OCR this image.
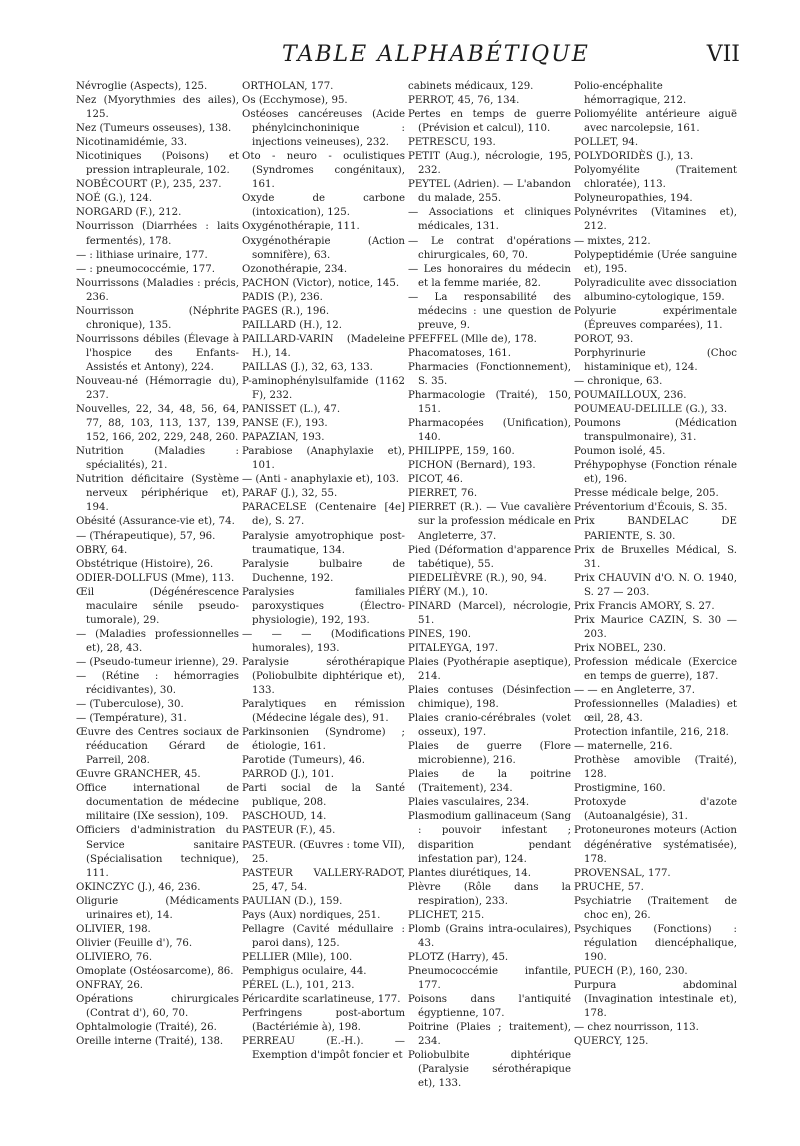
TABLE ALPHABÉTIQUE	VII
Névroglie (Aspects), 125.
Nez (Myorythmies des ailes), 125.
Nez (Tumeurs osseuses), 138.
Nicotinamidémie, 33.
Nicotiniques (Poisons) et pression intrapleurale, 102.
NOBÉCOURT (P.), 235, 237.
NOÉ (G.), 124.
NORGARD (F.), 212.
Nourrisson (Diarrhées : laits fermentés), 178.
— : lithiase urinaire, 177.
— : pneumococcémie, 177.
Nourrissons (Maladies : précis, 236.
Nourrisson (Néphrite chronique), 135.
Nourrissons débiles (Élevage à l'hospice des Enfants-Assistés et Antony), 224.
Nouveau-né (Hémorragie du), 237.
Nouvelles, 22, 34, 48, 56, 64, 77, 88, 103, 113, 137, 139, 152, 166, 202, 229, 248, 260.
Nutrition (Maladies : spécialités), 21.
Nutrition déficitaire (Système nerveux périphérique et), 194.
Obésité (Assurance-vie et), 74.
— (Thérapeutique), 57, 96.
OBRY, 64.
Obstétrique (Histoire), 26.
ODIER-DOLLFUS (Mme), 113.
Œil (Dégénérescence maculaire sénile pseudo-tumorale), 29.
— (Maladies professionnelles et), 28, 43.
— (Pseudo-tumeur irienne), 29.
— (Rétine : hémorragies récidivantes), 30.
— (Tuberculose), 30.
— (Température), 31.
Œuvre des Centres sociaux de rééducation Gérard de Parreil, 208.
Œuvre GRANCHER, 45.
Office international de documentation de médecine militaire (IXe session), 109.
Officiers d'administration du Service sanitaire (Spécialisation technique), 111.
OKINCZYC (J.), 46, 236.
Oligurie (Médicaments urinaires et), 14.
OLIVIER, 198.
Olivier (Feuille d'), 76.
OLIVIERO, 76.
Omoplate (Ostéosarcome), 86.
ONFRAY, 26.
Opérations chirurgicales (Contrat d'), 60, 70.
Ophtalmologie (Traité), 26.
Oreille interne (Traité), 138.
ORTHOLAN, 177.
Os (Ecchymose), 95.
Ostéoses cancéreuses (Acide phénylcinchoninique : injections veineuses), 232.
Oto - neuro - oculistiques (Syndromes congénitaux), 161.
Oxyde de carbone (intoxication), 125.
Oxygénothérapie, 111.
Oxygénothérapie (Action somnifère), 63.
Ozonothérapie, 234.
PACHON (Victor), notice, 145.
PADIS (P.), 236.
PAGES (R.), 196.
PAILLARD (H.), 12.
PAILLARD-VARIN (Madeleine H.), 14.
PAILLAS (J.), 32, 63, 133.
P-aminophénylsulfamide (1162 F), 232.
PANISSET (L.), 47.
PANSE (F.), 193.
PAPAZIAN, 193.
Parabiose (Anaphylaxie et), 101.
— (Anti - anaphylaxie et), 103.
PARAF (J.), 32, 55.
PARACELSE (Centenaire [4e] de), S. 27.
Paralysie amyotrophique post-traumatique, 134.
Paralysie bulbaire de Duchenne, 192.
Paralysies familiales paroxystiques (Électro-physiologie), 192, 193.
— — — (Modifications humorales), 193.
Paralysie sérothérapique (Poliobulbite diphtérique et), 133.
Paralytiques en rémission (Médecine légale des), 91.
Parkinsonien (Syndrome) ; étiologie, 161.
Parotide (Tumeurs), 46.
PARROD (J.), 101.
Parti social de la Santé publique, 208.
PASCHOUD, 14.
PASTEUR (F.), 45.
PASTEUR. (Œuvres : tome VII), 25.
PASTEUR VALLERY-RADOT, 25, 47, 54.
PAULIAN (D.), 159.
Pays (Aux) nordiques, 251.
Pellagre (Cavité médullaire : paroi dans), 125.
PELLIER (Mlle), 100.
Pemphigus oculaire, 44.
PÉREL (L.), 101, 213.
Péricardite scarlatineuse, 177.
Perfringens post-abortum (Bactériémie à), 198.
PERREAU (E.-H.). — Exemption d'impôt foncier et
cabinets médicaux, 129.
PERROT, 45, 76, 134.
Pertes en temps de guerre (Prévision et calcul), 110.
PETRESCU, 193.
PETIT (Aug.), nécrologie, 195, 232.
PEYTEL (Adrien). — L'abandon du malade, 255.
— Associations et cliniques médicales, 131.
— Le contrat d'opérations chirurgicales, 60, 70.
— Les honoraires du médecin et la femme mariée, 82.
— La responsabilité des médecins : une question de preuve, 9.
PFEFFEL (Mlle de), 178.
Phacomatoses, 161.
Pharmacies (Fonctionnement), S. 35.
Pharmacologie (Traité), 150, 151.
Pharmacopées (Unification), 140.
PHILIPPE, 159, 160.
PICHON (Bernard), 193.
PICOT, 46.
PIERRET, 76.
PIERRET (R.). — Vue cavalière sur la profession médicale en Angleterre, 37.
Pied (Déformation d'apparence tabétique), 55.
PIEDELIÈVRE (R.), 90, 94.
PIÉRY (M.), 10.
PINARD (Marcel), nécrologie, 51.
PINES, 190.
PITALEYGA, 197.
Plaies (Pyothérapie aseptique), 214.
Plaies contuses (Désinfection chimique), 198.
Plaies cranio-cérébrales (volet osseux), 197.
Plaies de guerre (Flore microbienne), 216.
Plaies de la poitrine (Traitement), 234.
Plaies vasculaires, 234.
Plasmodium gallinaceum (Sang : pouvoir infestant ; disparition pendant infestation par), 124.
Plantes diurétiques, 14.
Plèvre (Rôle dans la respiration), 233.
PLICHET, 215.
Plomb (Grains intra-oculaires), 43.
PLOTZ (Harry), 45.
Pneumococcémie infantile, 177.
Poisons dans l'antiquité égyptienne, 107.
Poitrine (Plaies ; traitement), 234.
Poliobulbite diphtérique (Paralysie sérothérapique et), 133.
Polio-encéphalite hémorragique, 212.
Poliomyélite antérieure aiguë avec narcolepsie, 161.
POLLET, 94.
POLYDORIDÈS (J.), 13.
Polyomyélite (Traitement chloratée), 113.
Polyneuropathies, 194.
Polynévrites (Vitamines et), 212.
— mixtes, 212.
Polypeptidémie (Urée sanguine et), 195.
Polyradiculite avec dissociation albumino-cytologique, 159.
Polyurie expérimentale (Épreuves comparées), 11.
POROT, 93.
Porphyrinurie (Choc histaminique et), 124.
— chronique, 63.
POUMAILLOUX, 236.
POUMEAU-DELILLE (G.), 33.
Poumons (Médication transpulmonaire), 31.
Poumon isolé, 45.
Préhypophyse (Fonction rénale et), 196.
Presse médicale belge, 205.
Préventorium d'Écouis, S. 35.
Prix BANDELAC DE PARIENTE, S. 30.
Prix de Bruxelles Médical, S. 31.
Prix CHAUVIN d'O. N. O. 1940, S. 27 — 203.
Prix Francis AMORY, S. 27.
Prix Maurice CAZIN, S. 30 — 203.
Prix NOBEL, 230.
Profession médicale (Exercice en temps de guerre), 187.
— — en Angleterre, 37.
Professionnelles (Maladies) et œil, 28, 43.
Protection infantile, 216, 218.
— maternelle, 216.
Prothèse amovible (Traité), 128.
Prostigmine, 160.
Protoxyde d'azote (Autoanalgésie), 31.
Protoneurones moteurs (Action dégénérative systématisée), 178.
PROVENSAL, 177.
PRUCHE, 57.
Psychiatrie (Traitement de choc en), 26.
Psychiques (Fonctions) : régulation diencéphalique, 190.
PUECH (P.), 160, 230.
Purpura abdominal (Invagination intestinale et), 178.
— chez nourrisson, 113.
QUERCY, 125.
